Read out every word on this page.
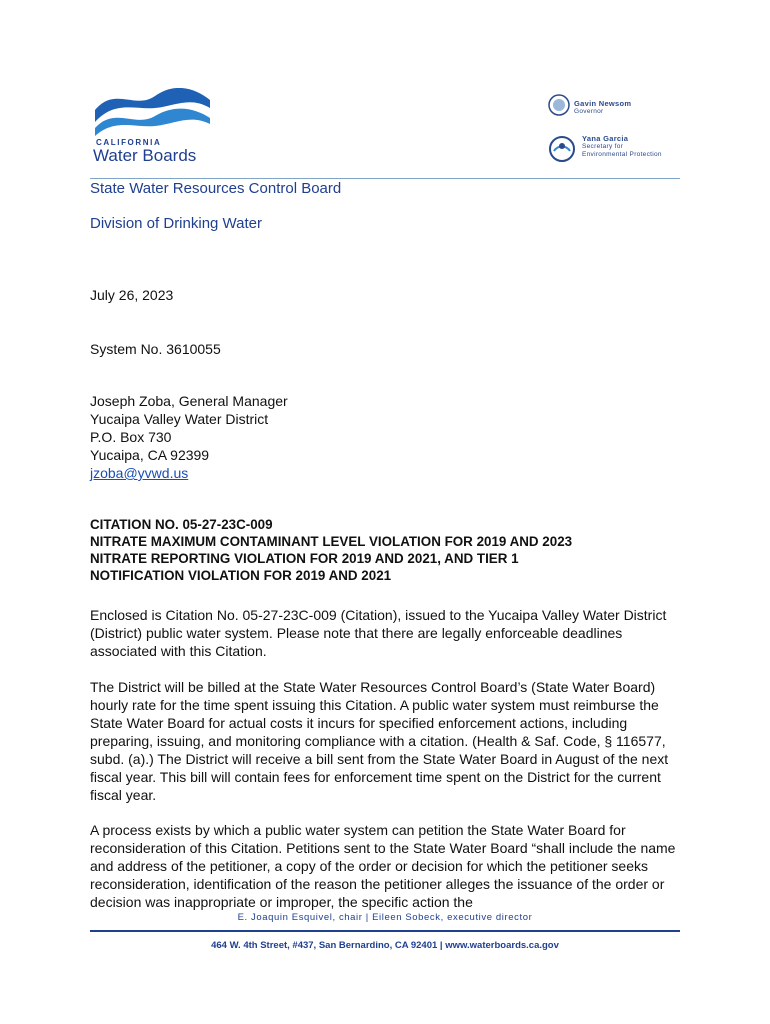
CALIFORNIA
Water Boards
Gavin Newsom
Governor
Yana Garcia
Secretary for
Environmental Protection
State Water Resources Control Board
Division of Drinking Water
July 26, 2023
System No. 3610055
Joseph Zoba, General Manager
Yucaipa Valley Water District
P.O. Box 730
Yucaipa, CA 92399
jzoba@yvwd.us
CITATION NO. 05-27-23C-009
NITRATE MAXIMUM CONTAMINANT LEVEL VIOLATION FOR 2019 AND 2023
NITRATE REPORTING VIOLATION FOR 2019 AND 2021, AND TIER 1
NOTIFICATION VIOLATION FOR 2019 AND 2021
Enclosed is Citation No. 05-27-23C-009 (Citation), issued to the Yucaipa Valley Water District (District) public water system. Please note that there are legally enforceable deadlines associated with this Citation.
The District will be billed at the State Water Resources Control Board’s (State Water Board) hourly rate for the time spent issuing this Citation. A public water system must reimburse the State Water Board for actual costs it incurs for specified enforcement actions, including preparing, issuing, and monitoring compliance with a citation. (Health & Saf. Code, § 116577, subd. (a).) The District will receive a bill sent from the State Water Board in August of the next fiscal year. This bill will contain fees for enforcement time spent on the District for the current fiscal year.
A process exists by which a public water system can petition the State Water Board for reconsideration of this Citation. Petitions sent to the State Water Board “shall include the name and address of the petitioner, a copy of the order or decision for which the petitioner seeks reconsideration, identification of the reason the petitioner alleges the issuance of the order or decision was inappropriate or improper, the specific action the
E. Joaquin Esquivel, chair | Eileen Sobeck, executive director
464 W. 4th Street, #437, San Bernardino, CA 92401 | www.waterboards.ca.gov
